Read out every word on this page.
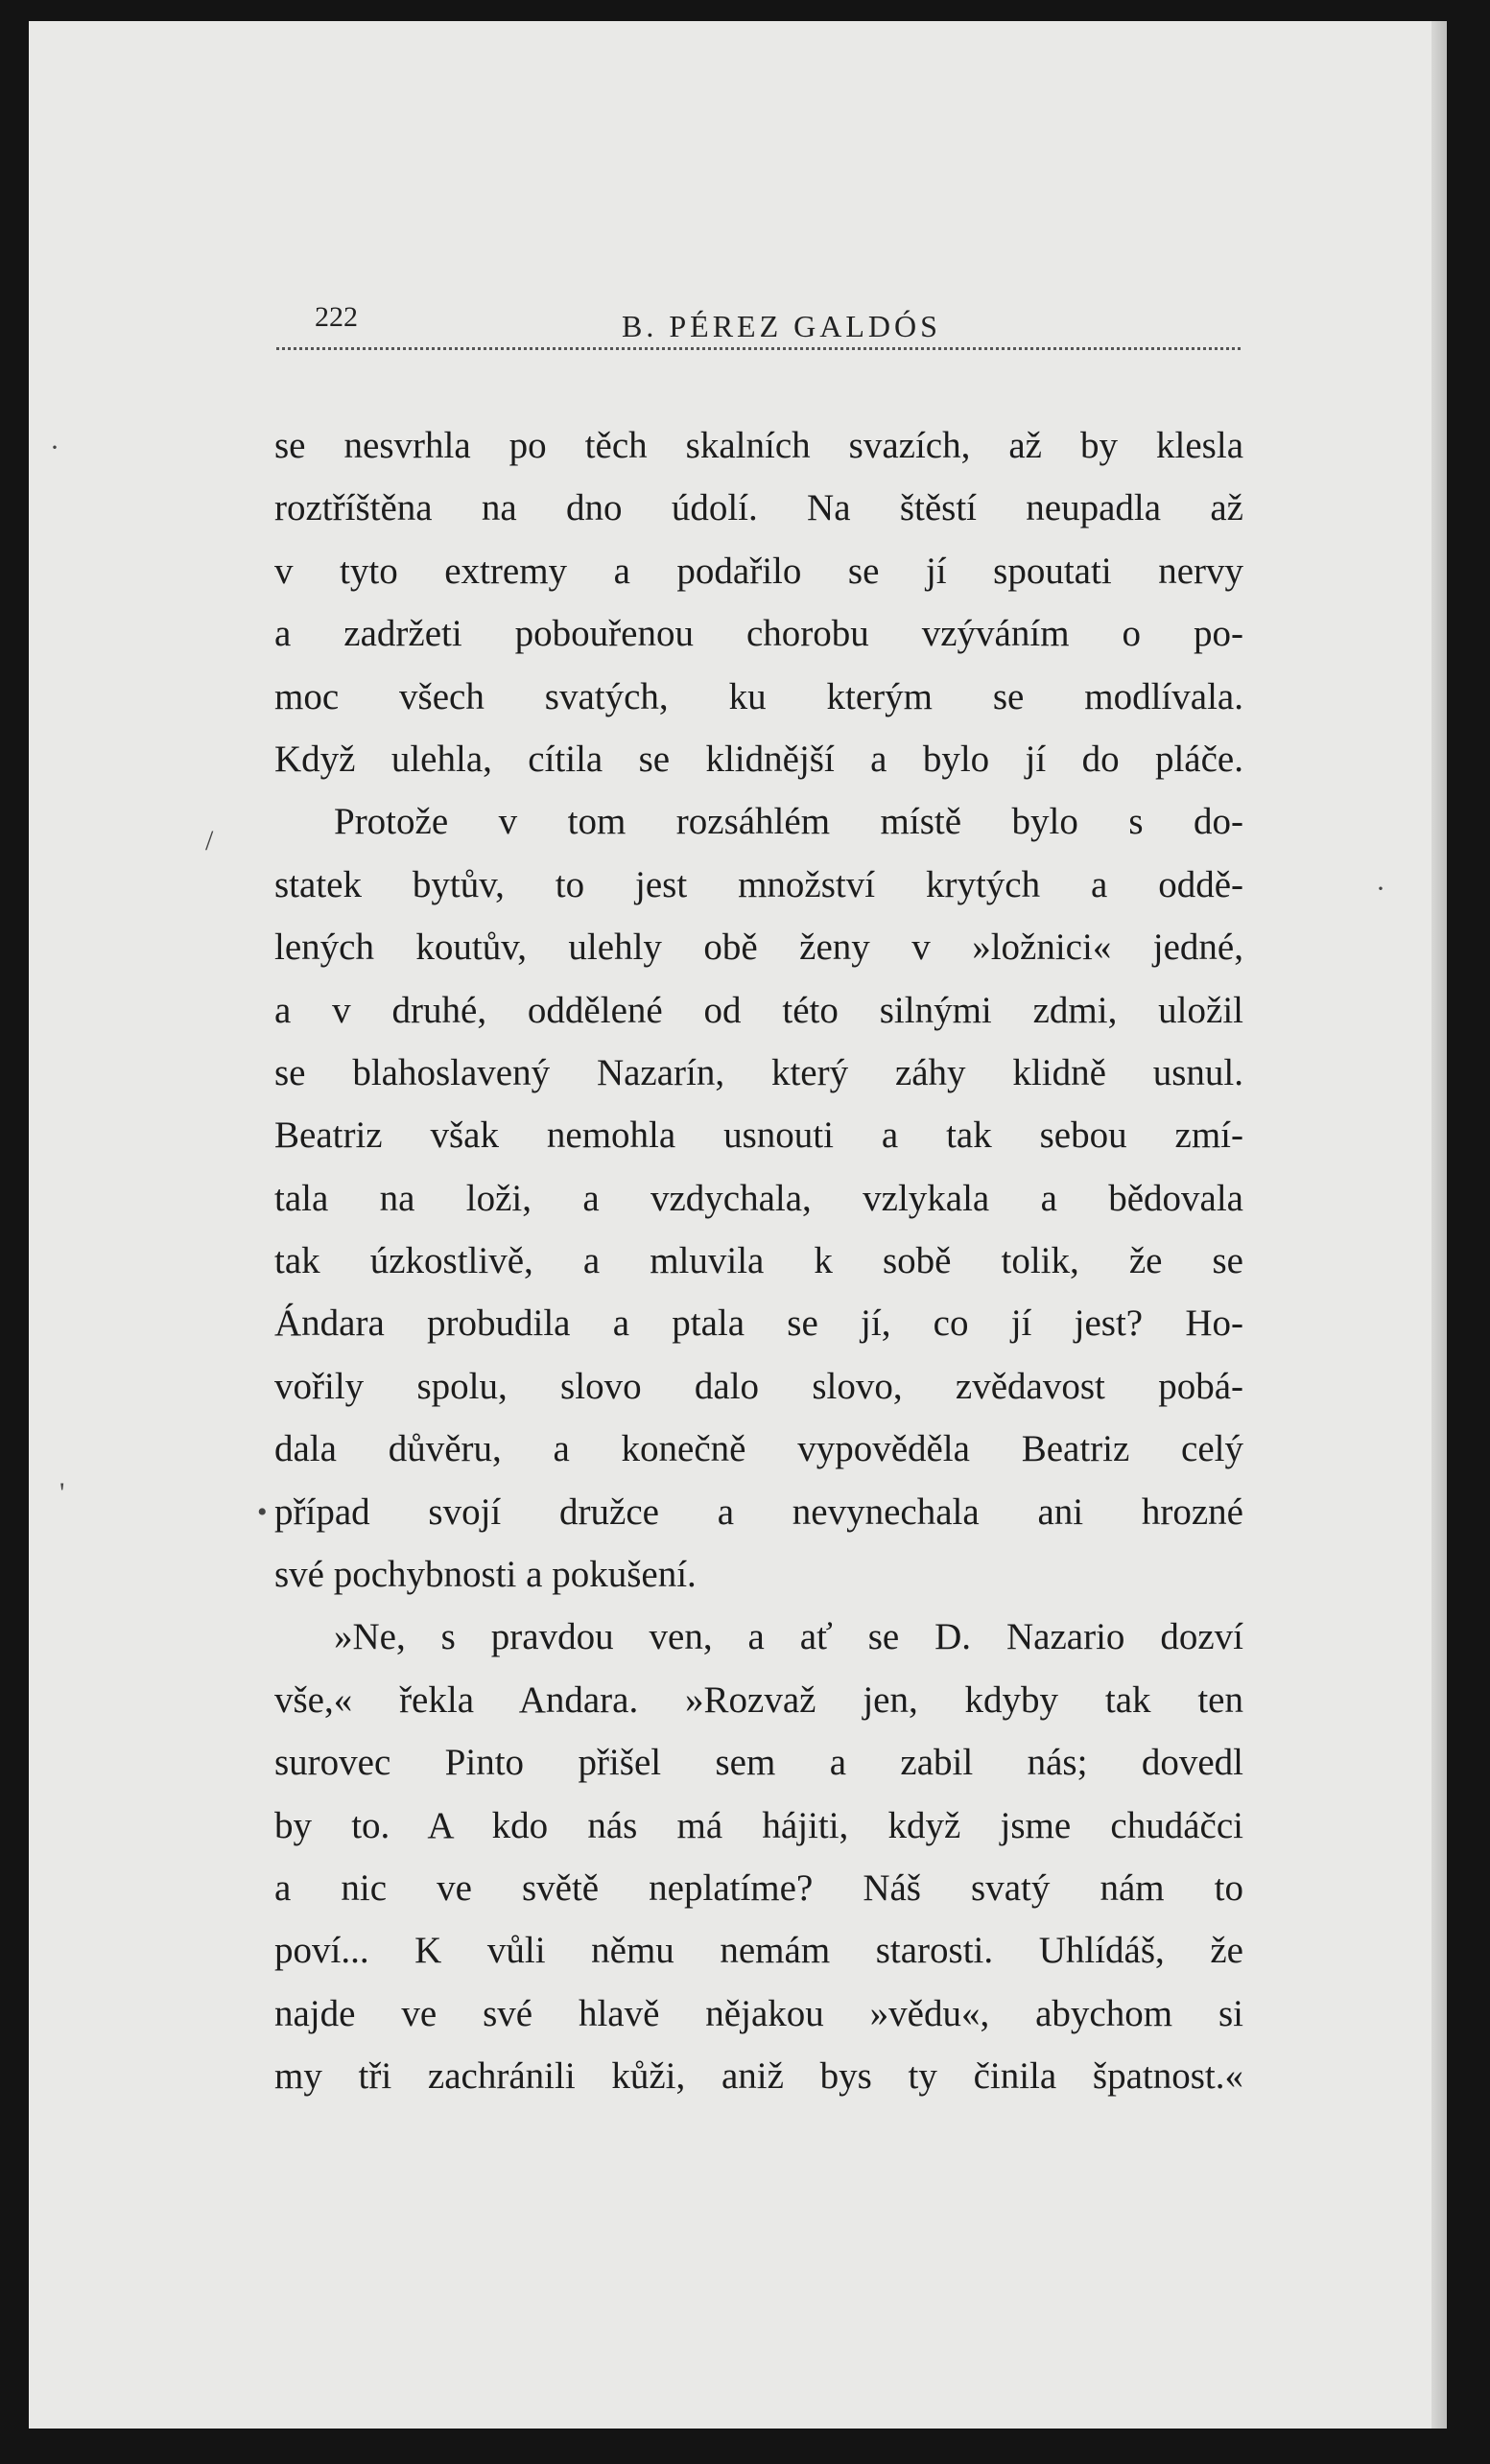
222	B. PÉREZ GALDÓS
·
/
'
•
·
se nesvrhla po těch skalních svazích, až by klesla
roztříštěna na dno údolí. Na štěstí neupadla až
v tyto extremy a podařilo se jí spoutati nervy
a zadržeti pobouřenou chorobu vzýváním o po-
moc všech svatých, ku kterým se modlívala.
Když ulehla, cítila se klidnější a bylo jí do pláče.
Protože v tom rozsáhlém místě bylo s do-
statek bytův, to jest množství krytých a oddě-
lených koutův, ulehly obě ženy v »ložnici« jedné,
a v druhé, oddělené od této silnými zdmi, uložil
se blahoslavený Nazarín, který záhy klidně usnul.
Beatriz však nemohla usnouti a tak sebou zmí-
tala na loži, a vzdychala, vzlykala a bědovala
tak úzkostlivě, a mluvila k sobě tolik, že se
Ándara probudila a ptala se jí, co jí jest? Ho-
vořily spolu, slovo dalo slovo, zvědavost pobá-
dala důvěru, a konečně vypověděla Beatriz celý
případ svojí družce a nevynechala ani hrozné
své pochybnosti a pokušení.
»Ne, s pravdou ven, a ať se D. Nazario dozví
vše,« řekla Andara. »Rozvaž jen, kdyby tak ten
surovec Pinto přišel sem a zabil nás; dovedl
by to. A kdo nás má hájiti, když jsme chudáčci
a nic ve světě neplatíme? Náš svatý nám to
poví... K vůli němu nemám starosti. Uhlídáš, že
najde ve své hlavě nějakou »vědu«, abychom si
my tři zachránili kůži, aniž bys ty činila špatnost.«
